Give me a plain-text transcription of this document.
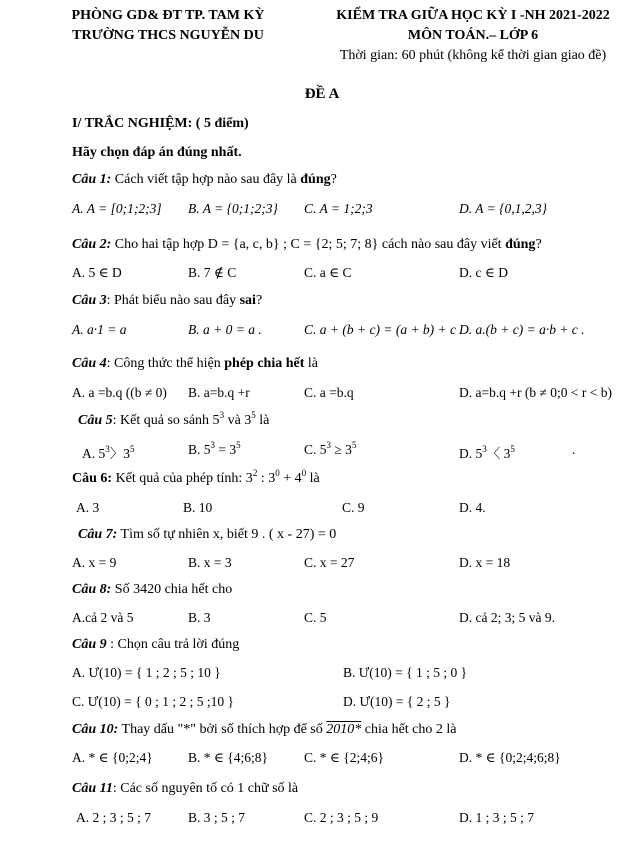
PHÒNG GD& ĐT TP. TAM KỲ
TRƯỜNG THCS NGUYỄN DU
KIỂM TRA GIỮA HỌC KỲ I -NH 2021-2022
MÔN TOÁN.– LỚP 6
Thời gian: 60 phút (không kể thời gian giao đề)
ĐỀ A
I/ TRẮC NGHIỆM: ( 5 điểm)
Hãy chọn đáp án đúng nhất.
Câu 1: Cách viết tập hợp nào sau đây là đúng?
A. A = [0;1;2;3] B. A = {0;1;2;3} C. A = 1;2;3	D. A = {0,1,2,3}
Câu 2: Cho hai tập hợp D = {a, c, b} ; C = {2; 5; 7; 8} cách nào sau đây viết đúng?
A. 5 ∈ D	B. 7 ∉ C	C. a ∈ C	D. c ∈ D
Câu 3: Phát biểu nào sau đây sai?
A. a·1 = a	B. a + 0 = a .	C. a + (b + c) = (a + b) + c .
D. a.(b + c) = a·b + c .
Câu 4: Công thức thể hiện phép chia hết là
A. a =b.q ((b ≠ 0) B. a=b.q +r	C. a =b.q	D. a=b.q +r (b ≠ 0;0 < r < b)
Câu 5: Kết quả so sánh $5^3$ và $3^5$ là
A. $5^3$〉$3^5$	B. $5^3 = 3^5$	C. $5^3 \ge 3^5$
D. $5^3$〈 $3^5$	.
Câu 6: Kết quả của phép tính: $3^2$ : $3^0 + 4^0$ là
A. 3	B. 10	C. 9	D. 4.
Câu 7: Tìm số tự nhiên x, biết 9 . ( x - 27) = 0
A. x = 9	B. x = 3	C. x = 27	D. x = 18
Câu 8: Số 3420 chia hết cho
A.cả 2 và 5	B. 3	C. 5	D. cả 2; 3; 5 và 9.
Câu 9 : Chọn câu trả lời đúng
A. Ư(10) = { 1 ; 2 ; 5 ; 10 }	B. Ư(10) = { 1 ; 5 ; 0 }
C. Ư(10) = { 0 ; 1 ; 2 ; 5 ;10 }	D. Ư(10) = { 2 ; 5 }
Câu 10: Thay dấu "*" bởi số thích hợp để số 2010* chia hết cho 2 là
A. * ∈ {0;2;4}	B. * ∈ {4;6;8}	C. * ∈ {2;4;6}	D. * ∈ {0;2;4;6;8}
Câu 11: Các số nguyên tố có 1 chữ số là
A. 2 ; 3 ; 5 ; 7	B. 3 ; 5 ; 7	C. 2 ; 3 ; 5 ; 9	D. 1 ; 3 ; 5 ; 7
